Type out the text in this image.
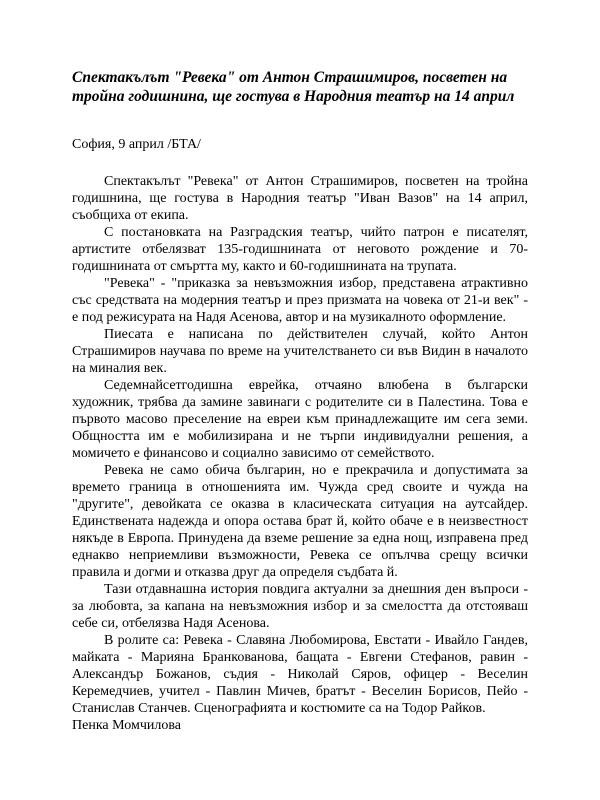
Спектакълът "Ревека" от Антон Страшимиров, посветен на тройна годишнина, ще гостува в Народния театър на 14 април

София, 9 април /БТА/

Спектакълът "Ревека" от Антон Страшимиров, посветен на тройна годишнина, ще гостува в Народния театър "Иван Вазов" на 14 април, съобщиха от екипа.

С постановката на Разградския театър, чийто патрон е писателят, артистите отбелязват 135-годишнината от неговото рождение и 70-годишнината от смъртта му, както и 60-годишнината на трупата.

"Ревека" - "приказка за невъзможния избор, представена атрактивно със средствата на модерния театър и през призмата на човека от 21-и век" - е под режисурата на Надя Асенова, автор и на музикалното оформление.

Пиесата е написана по действителен случай, който Антон Страшимиров научава по време на учителстването си във Видин в началото на миналия век.

Седемнайсетгодишна еврейка, отчаяно влюбена в български художник, трябва да замине завинаги с родителите си в Палестина. Това е първото масово преселение на евреи към принадлежащите им сега земи. Общността им е мобилизирана и не търпи индивидуални решения, а момичето е финансово и социално зависимо от семейството.

Ревека не само обича българин, но е прекрачила и допустимата за времето граница в отношенията им. Чужда сред своите и чужда на "другите", девойката се оказва в класическата ситуация на аутсайдер. Единствената надежда и опора остава брат й, който обаче е в неизвестност някъде в Европа. Принудена да вземе решение за една нощ, изправена пред еднакво неприемливи възможности, Ревека се опълчва срещу всички правила и догми и отказва друг да определя съдбата й.

Тази отдавнашна история повдига актуални за днешния ден въпроси - за любовта, за капана на невъзможния избор и за смелостта да отстояваш себе си, отбелязва Надя Асенова.

В ролите са: Ревека - Славяна Любомирова, Евстати - Ивайло Гандев, майката - Марияна Бранкованова, бащата - Евгени Стефанов, равин - Александър Божанов, съдия - Николай Сяров, офицер - Веселин Керемедчиев, учител - Павлин Мичев, братът - Веселин Борисов, Пейо - Станислав Станчев. Сценографията и костюмите са на Тодор Райков.

Пенка Момчилова
